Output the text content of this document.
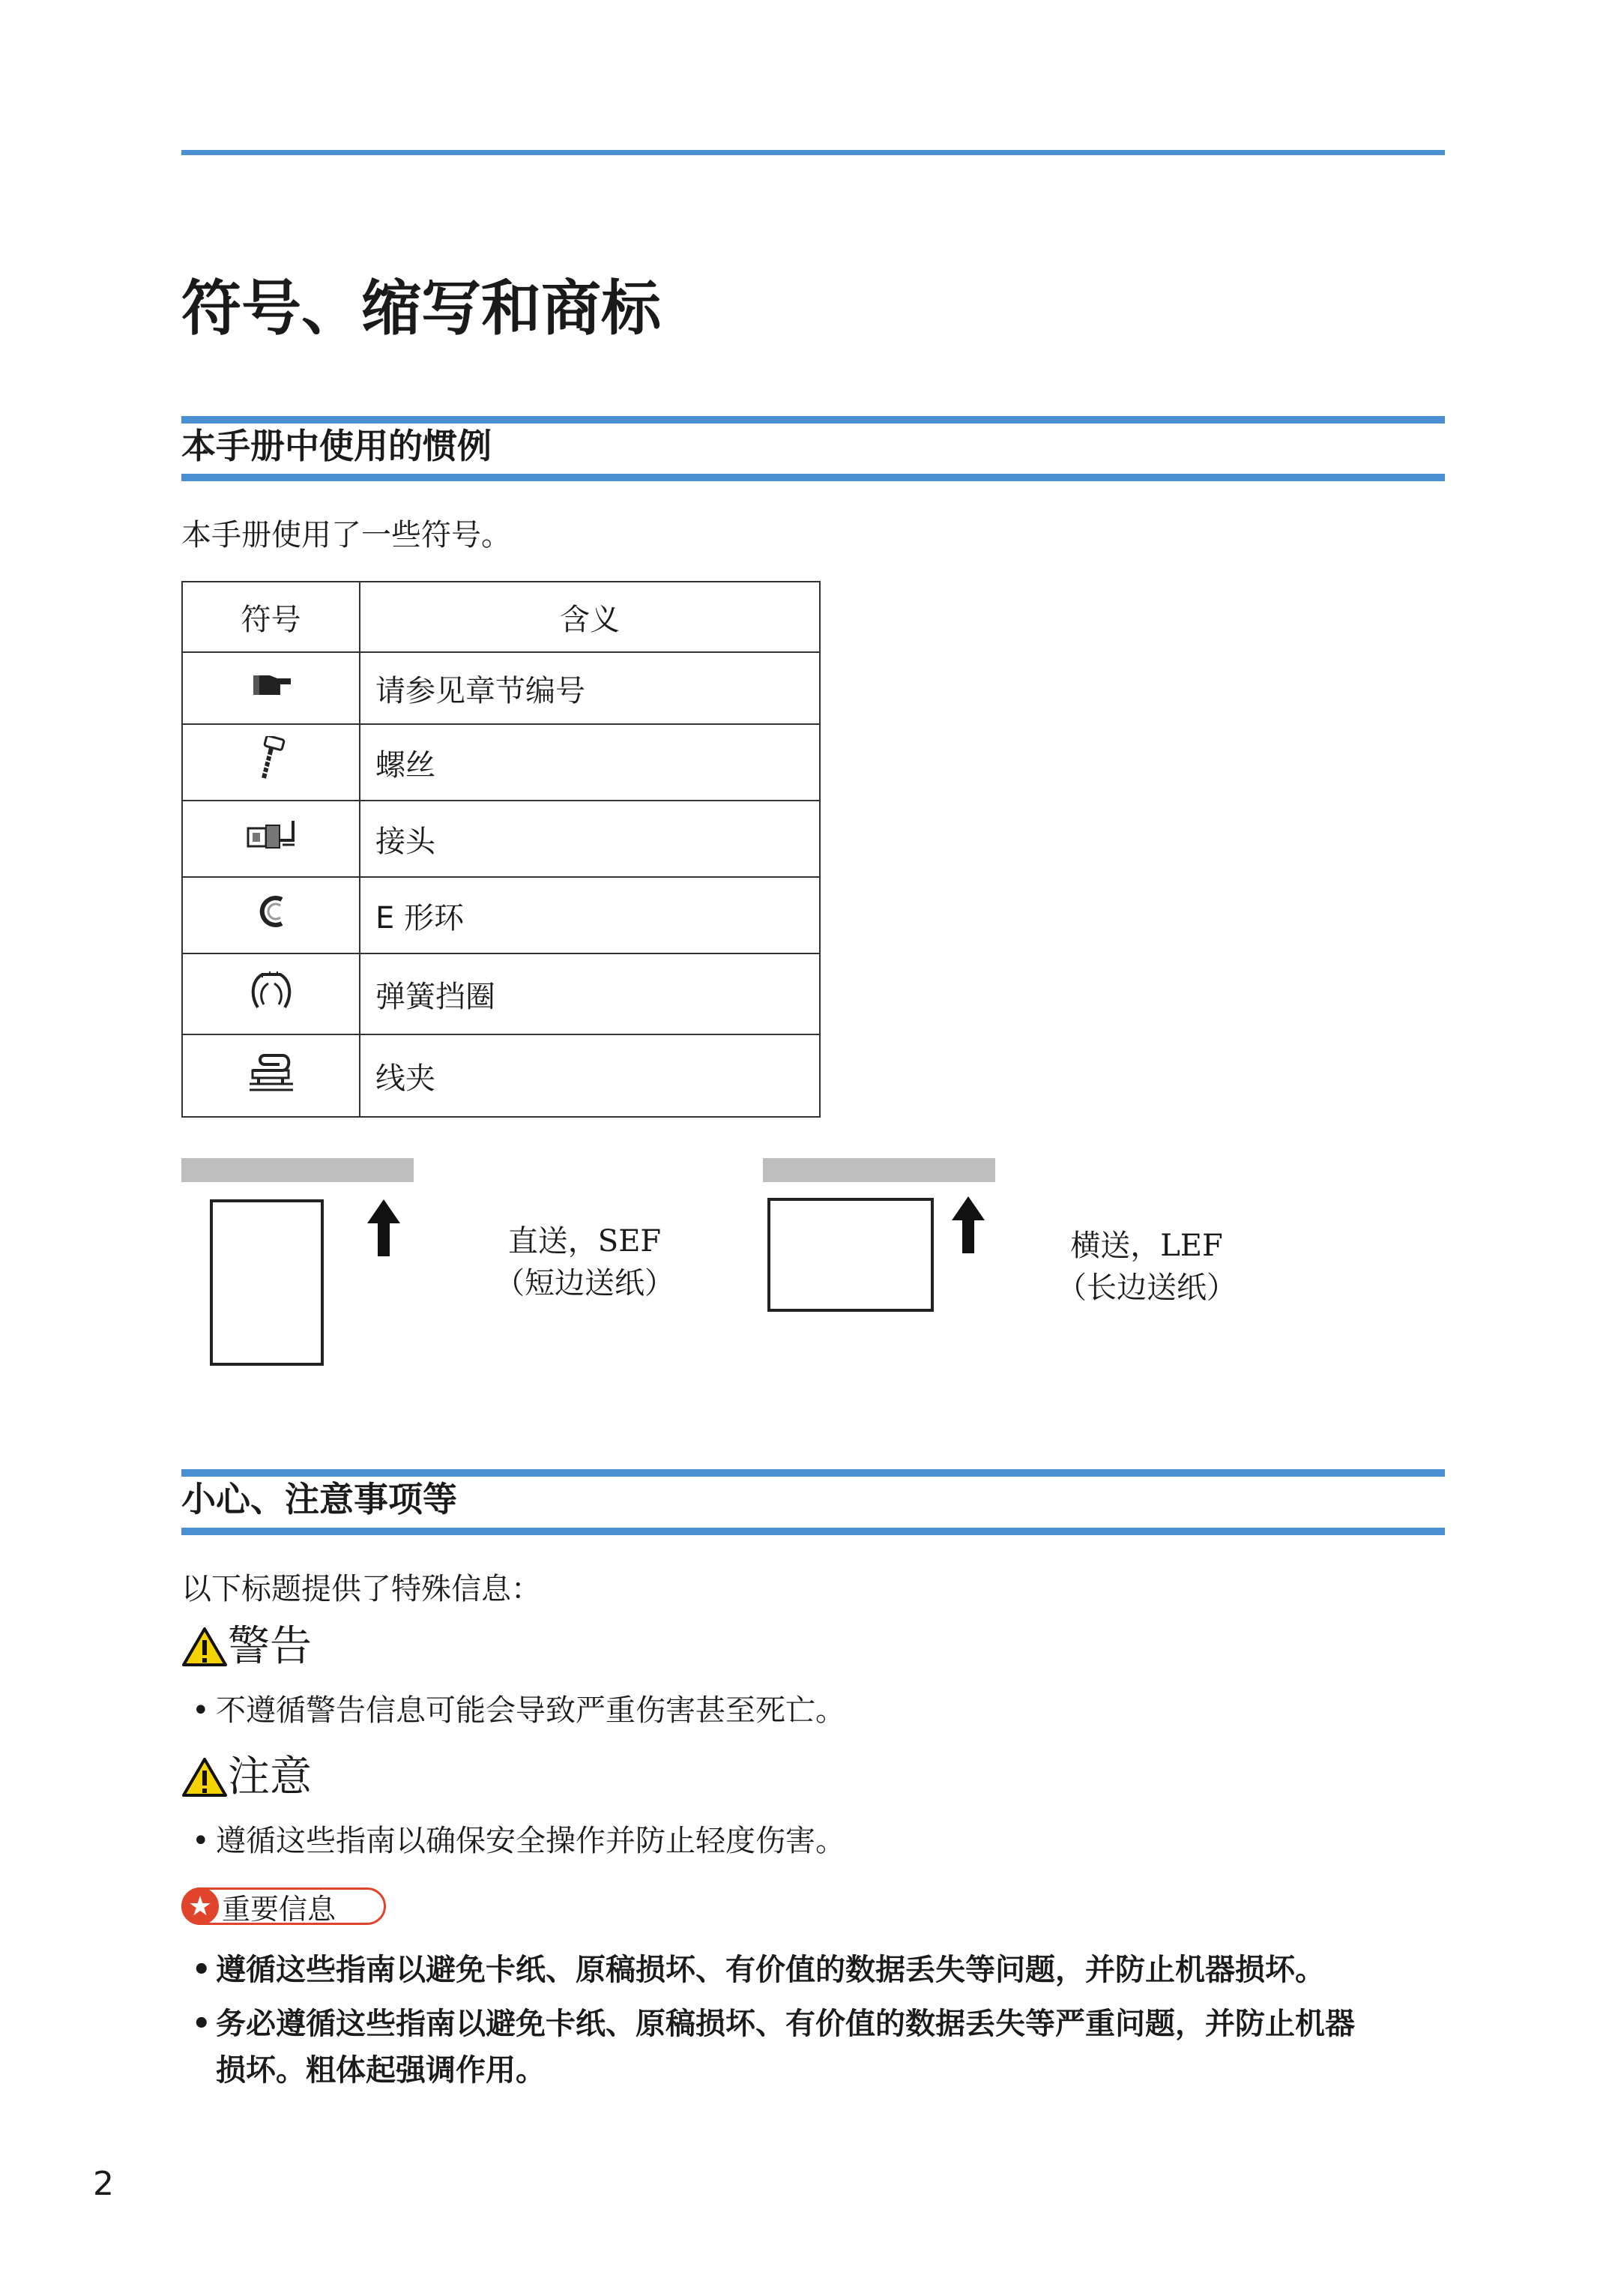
符号、缩写和商标
本手册中使用的惯例
本手册使用了一些符号。
符号	含义
	请参见章节编号
	螺丝
	接头
	E 形环
	弹簧挡圈
	线夹
直送，SEF
（短边送纸）
横送，LEF
（长边送纸）
小心、注意事项等
以下标题提供了特殊信息：
警告
• 不遵循警告信息可能会导致严重伤害甚至死亡。
注意
• 遵循这些指南以确保安全操作并防止轻度伤害。
★ 重要信息
• 遵循这些指南以避免卡纸、原稿损坏、有价值的数据丢失等问题，并防止机器损坏。
• 务必遵循这些指南以避免卡纸、原稿损坏、有价值的数据丢失等严重问题，并防止机器
损坏。粗体起强调作用。
2
